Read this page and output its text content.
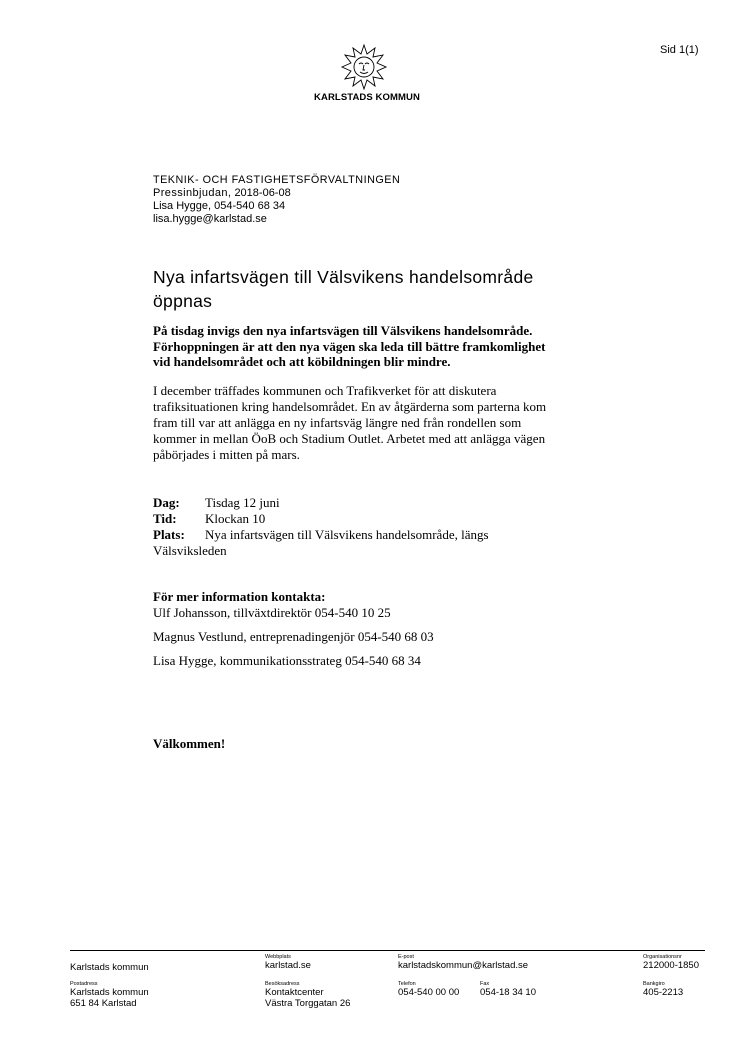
Sid 1(1)
KARLSTADS KOMMUN
TEKNIK- OCH FASTIGHETSFÖRVALTNINGEN
Pressinbjudan, 2018-06-08
Lisa Hygge, 054-540 68 34
lisa.hygge@karlstad.se
Nya infartsvägen till Välsvikens handelsområde
öppnas
På tisdag invigs den nya infartsvägen till Välsvikens handelsområde.
Förhoppningen är att den nya vägen ska leda till bättre framkomlighet
vid handelsområdet och att köbildningen blir mindre.
I december träffades kommunen och Trafikverket för att diskutera
trafiksituationen kring handelsområdet. En av åtgärderna som parterna kom
fram till var att anlägga en ny infartsväg längre ned från rondellen som
kommer in mellan ÖoB och Stadium Outlet. Arbetet med att anlägga vägen
påbörjades i mitten på mars.
Dag: Tisdag 12 juni
Tid: Klockan 10
Plats: Nya infartsvägen till Välsvikens handelsområde, längs
Välsviksleden
För mer information kontakta:
Ulf Johansson, tillväxtdirektör 054-540 10 25
Magnus Vestlund, entreprenadingenjör 054-540 68 03
Lisa Hygge, kommunikationsstrateg 054-540 68 34
Välkommen!
Karlstads kommun
Webbplats
karlstad.se
E-post
karlstadskommun@karlstad.se
Organisationsnr
212000-1850
Postadress
Karlstads kommun
651 84 Karlstad
Besöksadress
Kontaktcenter
Västra Torggatan 26
Telefon
054-540 00 00
Fax
054-18 34 10
Bankgiro
405-2213
